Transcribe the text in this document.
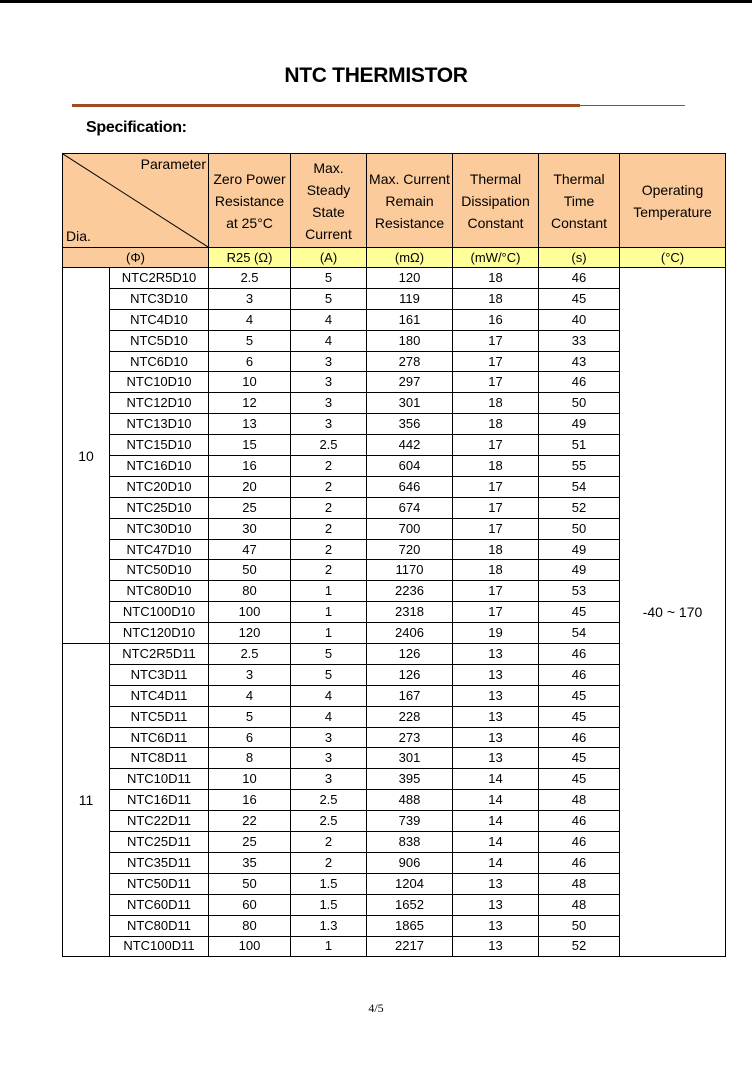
NTC THERMISTOR
Specification:
Parameter
Dia.		Zero Power Resistance at 25°C	Max. Steady State Current	Max. Current Remain Resistance	Thermal Dissipation Constant	Thermal Time Constant	Operating Temperature
(Φ)		R25 (Ω)	(A)	(mΩ)	(mW/°C)	(s)	(°C)
10	NTC2R5D10	2.5	5	120	18	46	-40 ~ 170
	NTC3D10	3	5	119	18	45	
	NTC4D10	4	4	161	16	40	
	NTC5D10	5	4	180	17	33	
	NTC6D10	6	3	278	17	43	
	NTC10D10	10	3	297	17	46	
	NTC12D10	12	3	301	18	50	
	NTC13D10	13	3	356	18	49	
	NTC15D10	15	2.5	442	17	51	
	NTC16D10	16	2	604	18	55	
	NTC20D10	20	2	646	17	54	
	NTC25D10	25	2	674	17	52	
	NTC30D10	30	2	700	17	50	
	NTC47D10	47	2	720	18	49	
	NTC50D10	50	2	1170	18	49	
	NTC80D10	80	1	2236	17	53	
	NTC100D10	100	1	2318	17	45	
	NTC120D10	120	1	2406	19	54	
11	NTC2R5D11	2.5	5	126	13	46	
	NTC3D11	3	5	126	13	46	
	NTC4D11	4	4	167	13	45	
	NTC5D11	5	4	228	13	45	
	NTC6D11	6	3	273	13	46	
	NTC8D11	8	3	301	13	45	
	NTC10D11	10	3	395	14	45	
	NTC16D11	16	2.5	488	14	48	
	NTC22D11	22	2.5	739	14	46	
	NTC25D11	25	2	838	14	46	
	NTC35D11	35	2	906	14	46	
	NTC50D11	50	1.5	1204	13	48	
	NTC60D11	60	1.5	1652	13	48	
	NTC80D11	80	1.3	1865	13	50	
	NTC100D11	100	1	2217	13	52	
4/5
